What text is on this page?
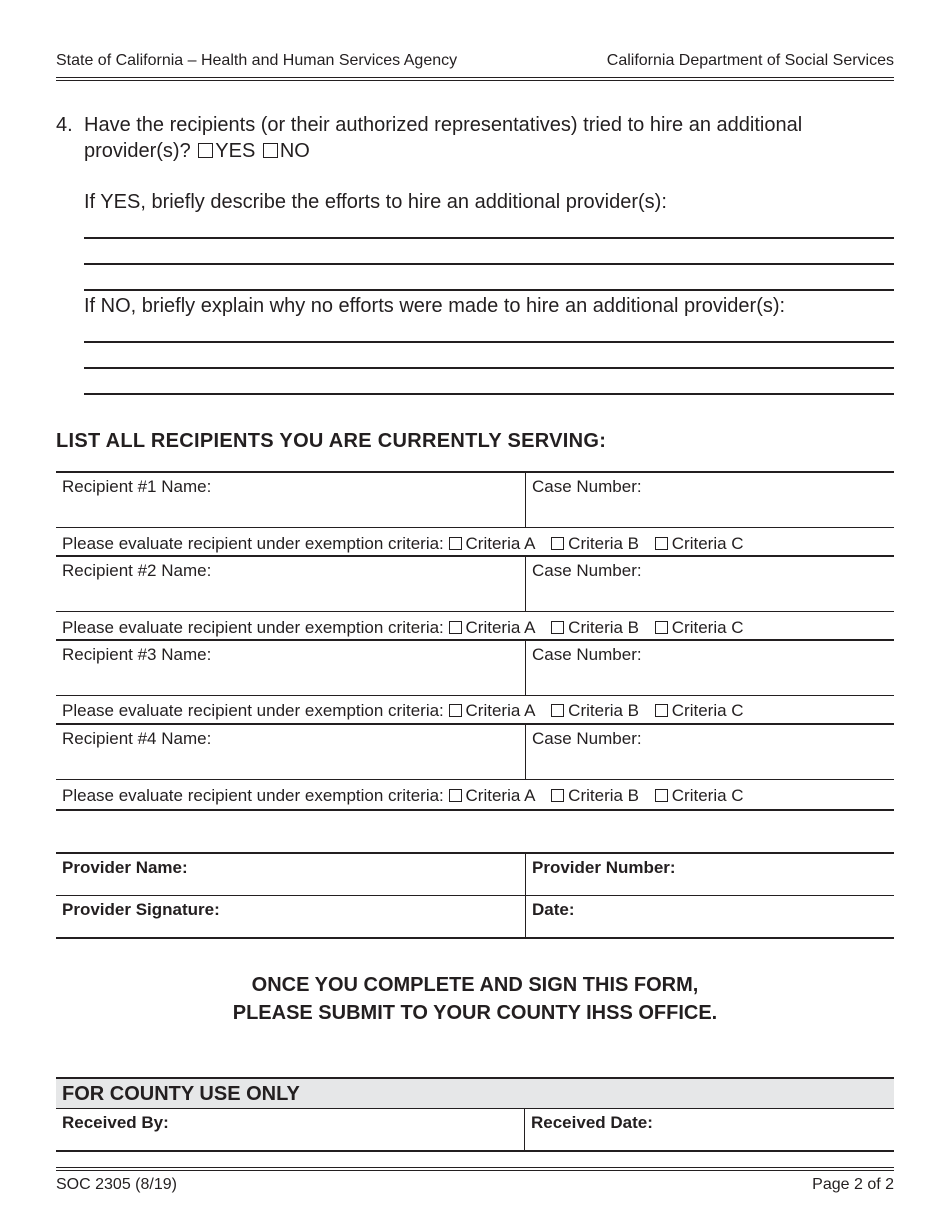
State of California – Health and Human Services Agency	California Department of Social Services
4. Have the recipients (or their authorized representatives) tried to hire an additional provider(s)? YES NO
If YES, briefly describe the efforts to hire an additional provider(s):
If NO, briefly explain why no efforts were made to hire an additional provider(s):
LIST ALL RECIPIENTS YOU ARE CURRENTLY SERVING:
Recipient #1 Name:	Case Number:
Please evaluate recipient under exemption criteria: Criteria A Criteria B Criteria C
Recipient #2 Name:	Case Number:
Please evaluate recipient under exemption criteria: Criteria A Criteria B Criteria C
Recipient #3 Name:	Case Number:
Please evaluate recipient under exemption criteria: Criteria A Criteria B Criteria C
Recipient #4 Name:	Case Number:
Please evaluate recipient under exemption criteria: Criteria A Criteria B Criteria C
Provider Name:	Provider Number:
Provider Signature:	Date:
ONCE YOU COMPLETE AND SIGN THIS FORM,
PLEASE SUBMIT TO YOUR COUNTY IHSS OFFICE.
FOR COUNTY USE ONLY
Received By:	Received Date:
SOC 2305 (8/19)	Page 2 of 2
